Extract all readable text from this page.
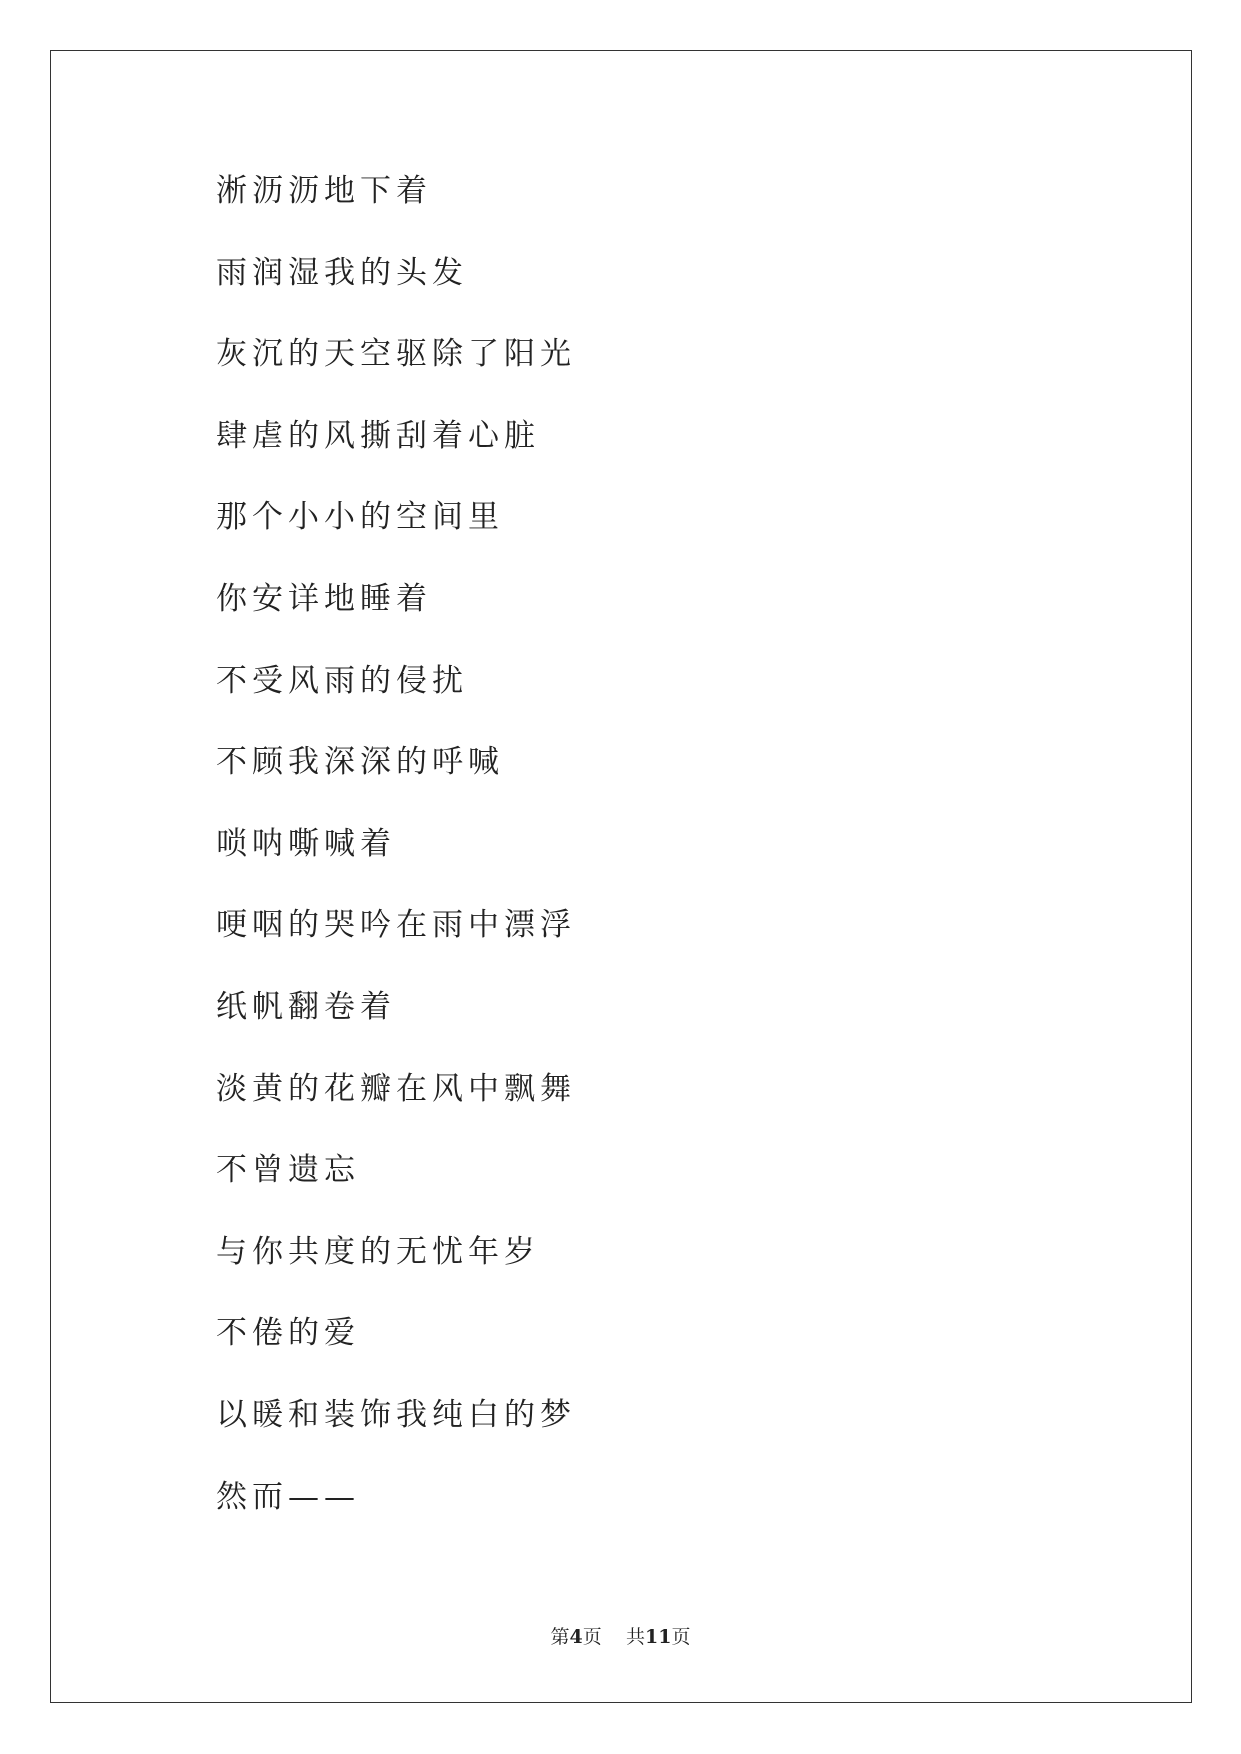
淅沥沥地下着
雨润湿我的头发
灰沉的天空驱除了阳光
肆虐的风撕刮着心脏
那个小小的空间里
你安详地睡着
不受风雨的侵扰
不顾我深深的呼喊
唢呐嘶喊着
哽咽的哭吟在雨中漂浮
纸帆翻卷着
淡黄的花瓣在风中飘舞
不曾遗忘
与你共度的无忧年岁
不倦的爱
以暖和装饰我纯白的梦
然而——
第4页 共11页
